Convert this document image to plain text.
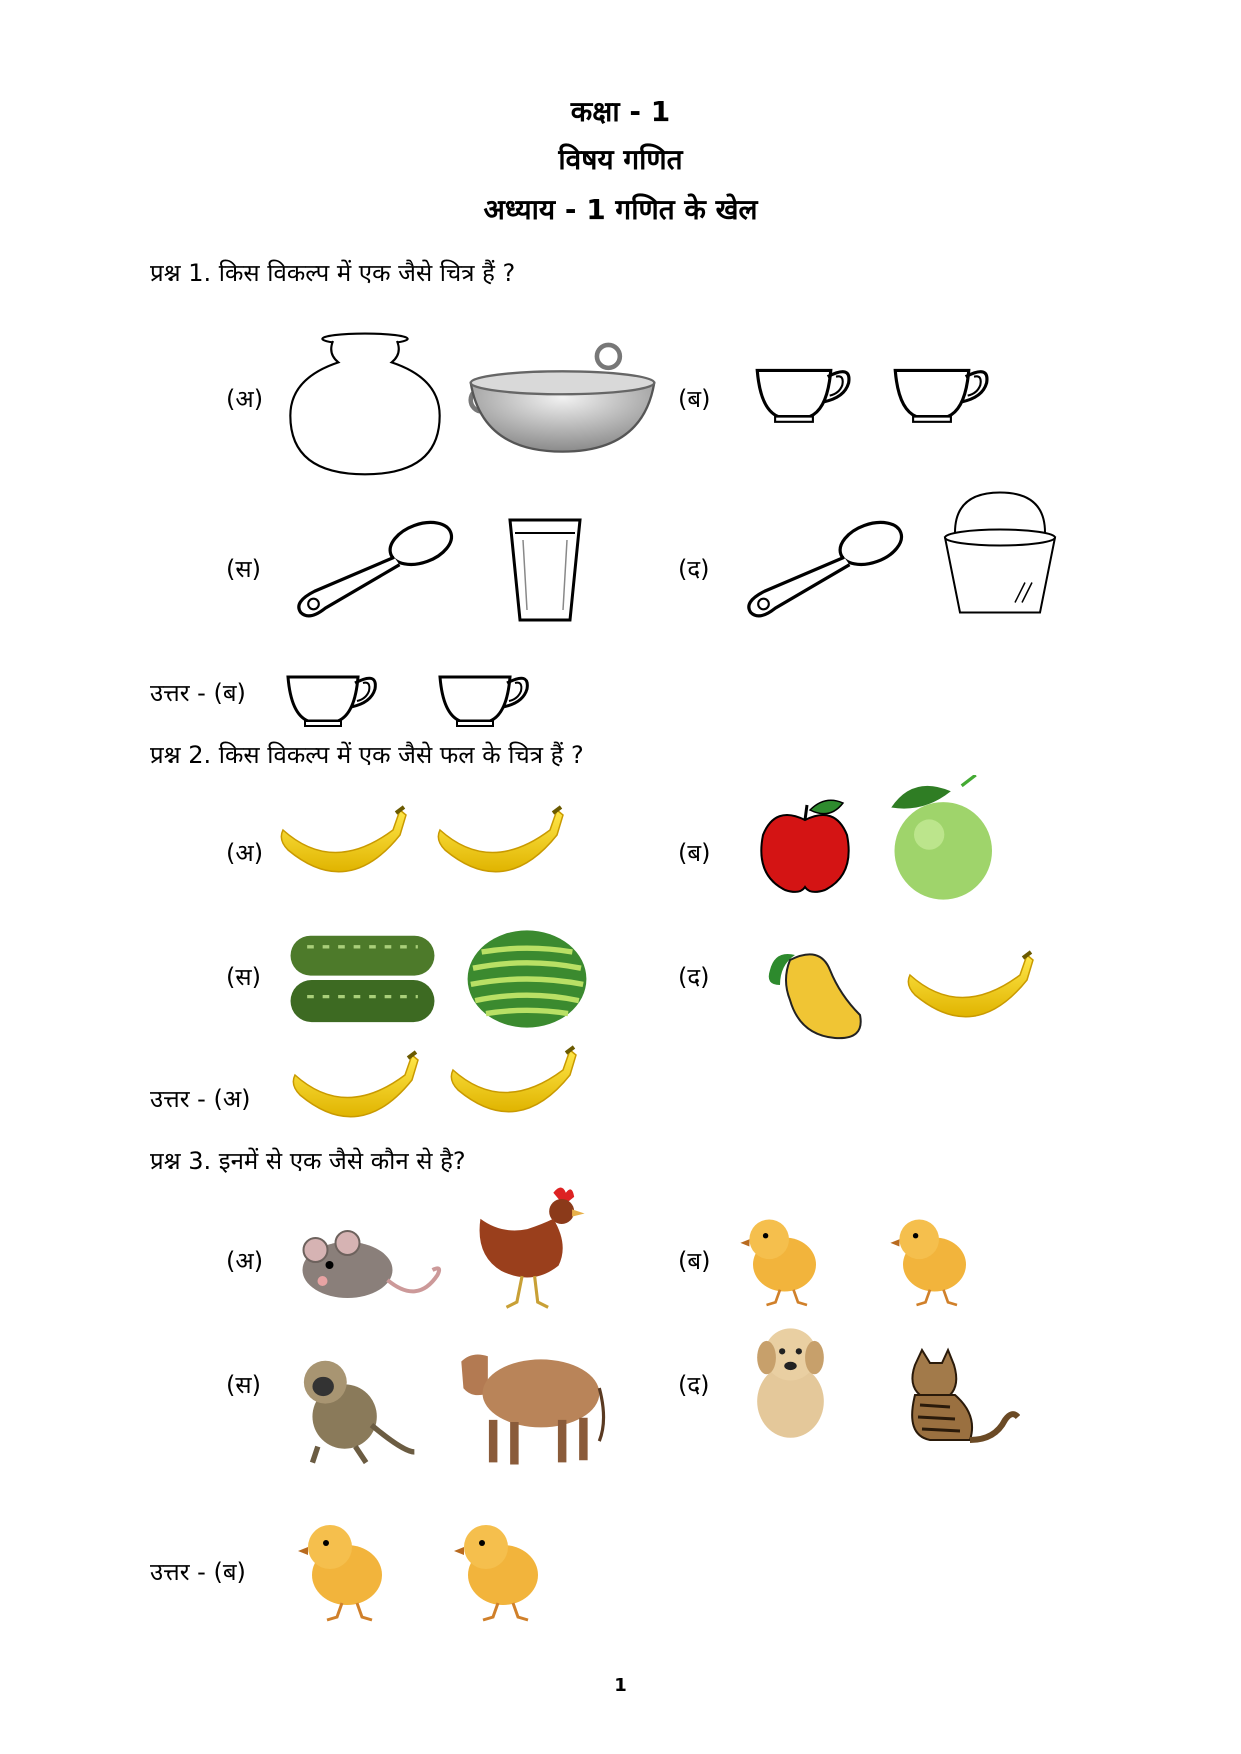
कक्षा - 1
विषय गणित
अध्याय - 1 गणित के खेल
प्रश्न 1. किस विकल्प में एक जैसे चित्र हैं ?
(अ)	(ब)
(स)	(द)
उत्तर - (ब)
प्रश्न 2. किस विकल्प में एक जैसे फल के चित्र हैं ?
(अ)	(ब)
(स)	(द)
उत्तर - (अ)
प्रश्न 3. इनमें से एक जैसे कौन से है?
(अ)	(ब)
(स)	(द)
उत्तर - (ब)
1
